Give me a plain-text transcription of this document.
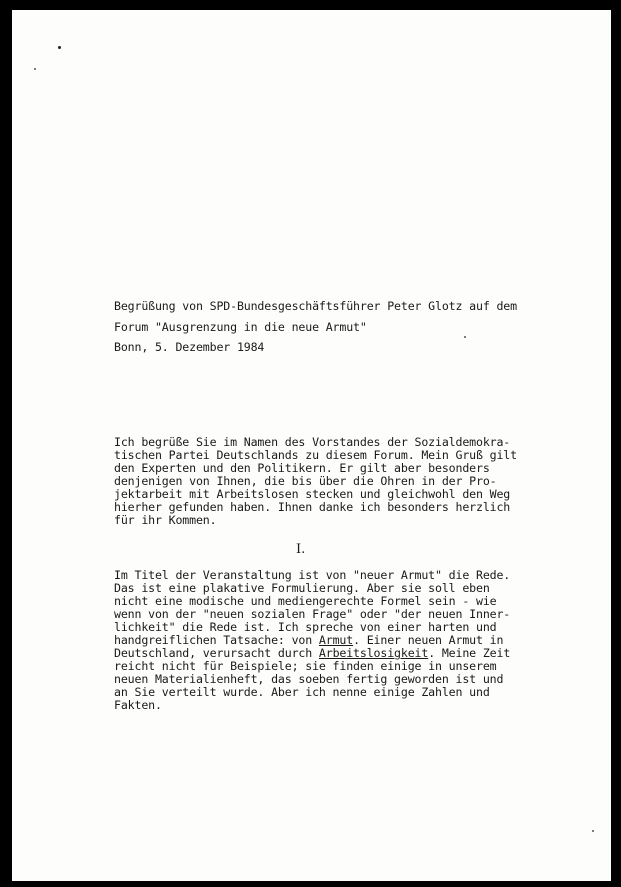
Begrüßung von SPD-Bundesgeschäftsführer Peter Glotz auf dem

Forum "Ausgrenzung in die neue Armut"

Bonn, 5. Dezember 1984

Ich begrüße Sie im Namen des Vorstandes der Sozialdemokra-

tischen Partei Deutschlands zu diesem Forum. Mein Gruß gilt

den Experten und den Politikern. Er gilt aber besonders

denjenigen von Ihnen, die bis über die Ohren in der Pro-

jektarbeit mit Arbeitslosen stecken und gleichwohl den Weg

hierher gefunden haben. Ihnen danke ich besonders herzlich

für ihr Kommen.

I.

Im Titel der Veranstaltung ist von "neuer Armut" die Rede.

Das ist eine plakative Formulierung. Aber sie soll eben

nicht eine modische und mediengerechte Formel sein - wie

wenn von der "neuen sozialen Frage" oder "der neuen Inner-

lichkeit" die Rede ist. Ich spreche von einer harten und

handgreiflichen Tatsache: von Armut. Einer neuen Armut in

Deutschland, verursacht durch Arbeitslosigkeit. Meine Zeit

reicht nicht für Beispiele; sie finden einige in unserem

neuen Materialienheft, das soeben fertig geworden ist und

an Sie verteilt wurde. Aber ich nenne einige Zahlen und

Fakten.
